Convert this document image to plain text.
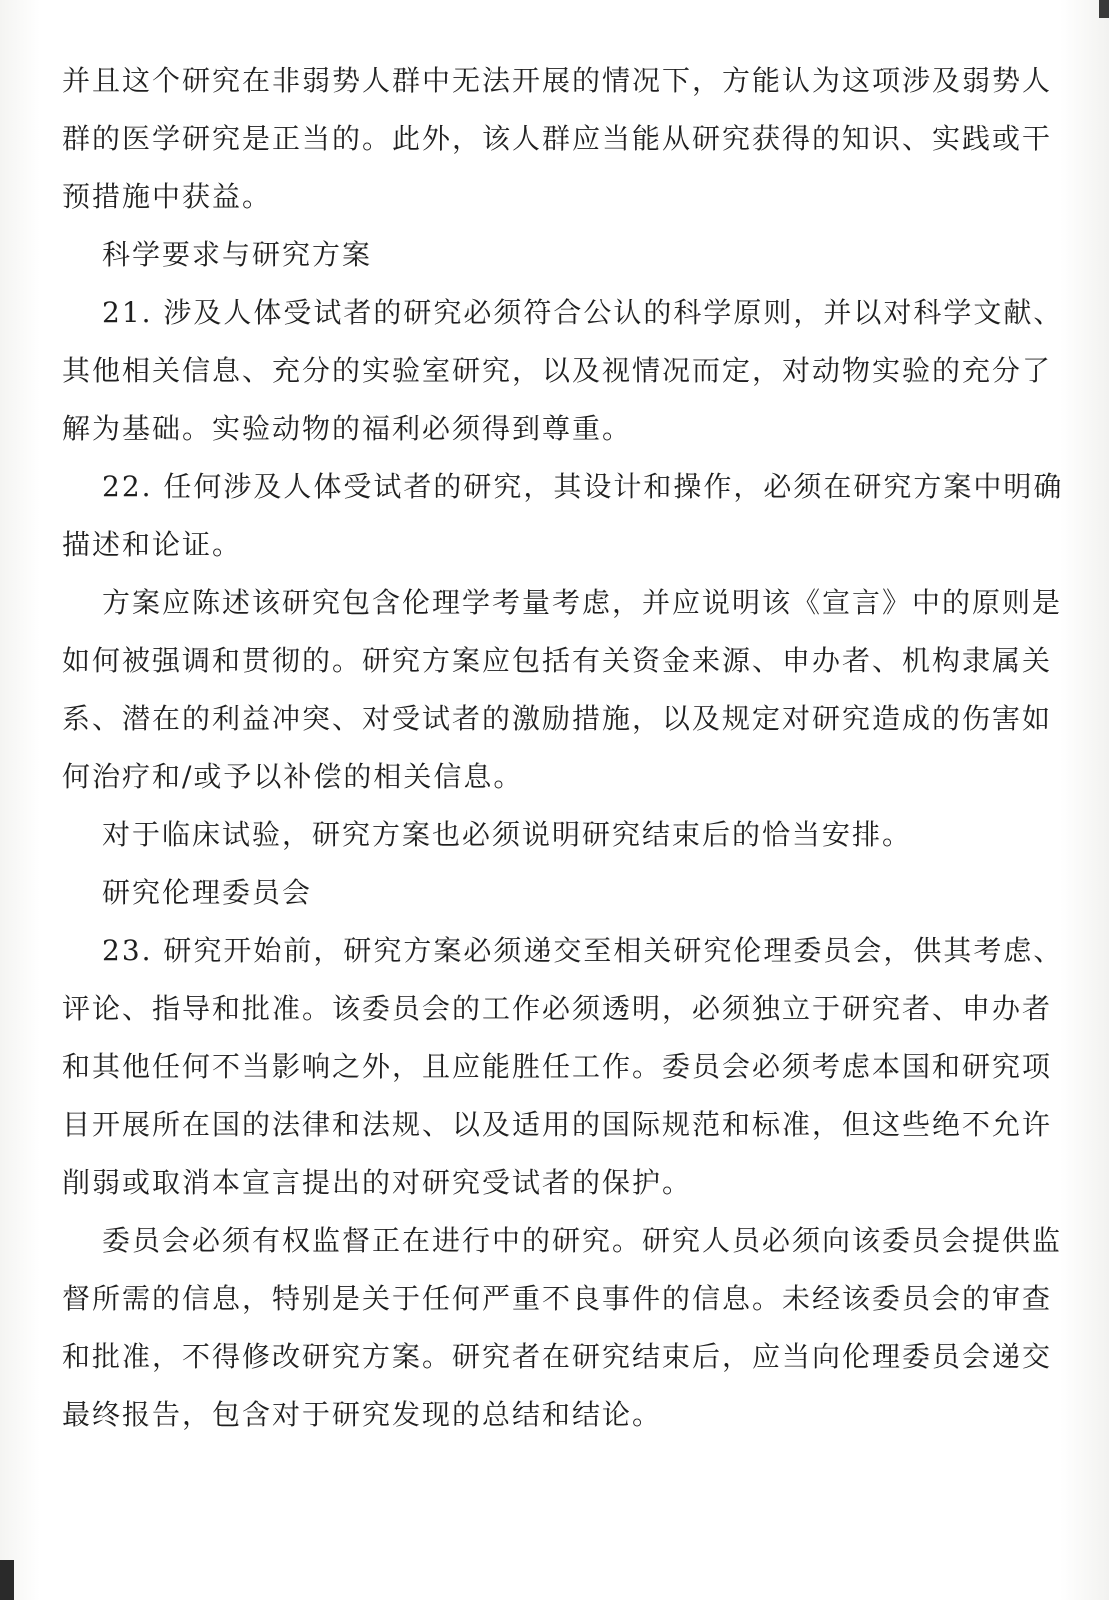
并且这个研究在非弱势人群中无法开展的情况下，方能认为这项涉及弱势人
群的医学研究是正当的。此外，该人群应当能从研究获得的知识、实践或干
预措施中获益。
科学要求与研究方案
21. 涉及人体受试者的研究必须符合公认的科学原则，并以对科学文献、
其他相关信息、充分的实验室研究，以及视情况而定，对动物实验的充分了
解为基础。实验动物的福利必须得到尊重。
22. 任何涉及人体受试者的研究，其设计和操作，必须在研究方案中明确
描述和论证。
方案应陈述该研究包含伦理学考量考虑，并应说明该《宣言》中的原则是
如何被强调和贯彻的。研究方案应包括有关资金来源、申办者、机构隶属关
系、潜在的利益冲突、对受试者的激励措施，以及规定对研究造成的伤害如
何治疗和/或予以补偿的相关信息。
对于临床试验，研究方案也必须说明研究结束后的恰当安排。
研究伦理委员会
23. 研究开始前，研究方案必须递交至相关研究伦理委员会，供其考虑、
评论、指导和批准。该委员会的工作必须透明，必须独立于研究者、申办者
和其他任何不当影响之外，且应能胜任工作。委员会必须考虑本国和研究项
目开展所在国的法律和法规、以及适用的国际规范和标准，但这些绝不允许
削弱或取消本宣言提出的对研究受试者的保护。
委员会必须有权监督正在进行中的研究。研究人员必须向该委员会提供监
督所需的信息，特别是关于任何严重不良事件的信息。未经该委员会的审查
和批准，不得修改研究方案。研究者在研究结束后，应当向伦理委员会递交
最终报告，包含对于研究发现的总结和结论。
